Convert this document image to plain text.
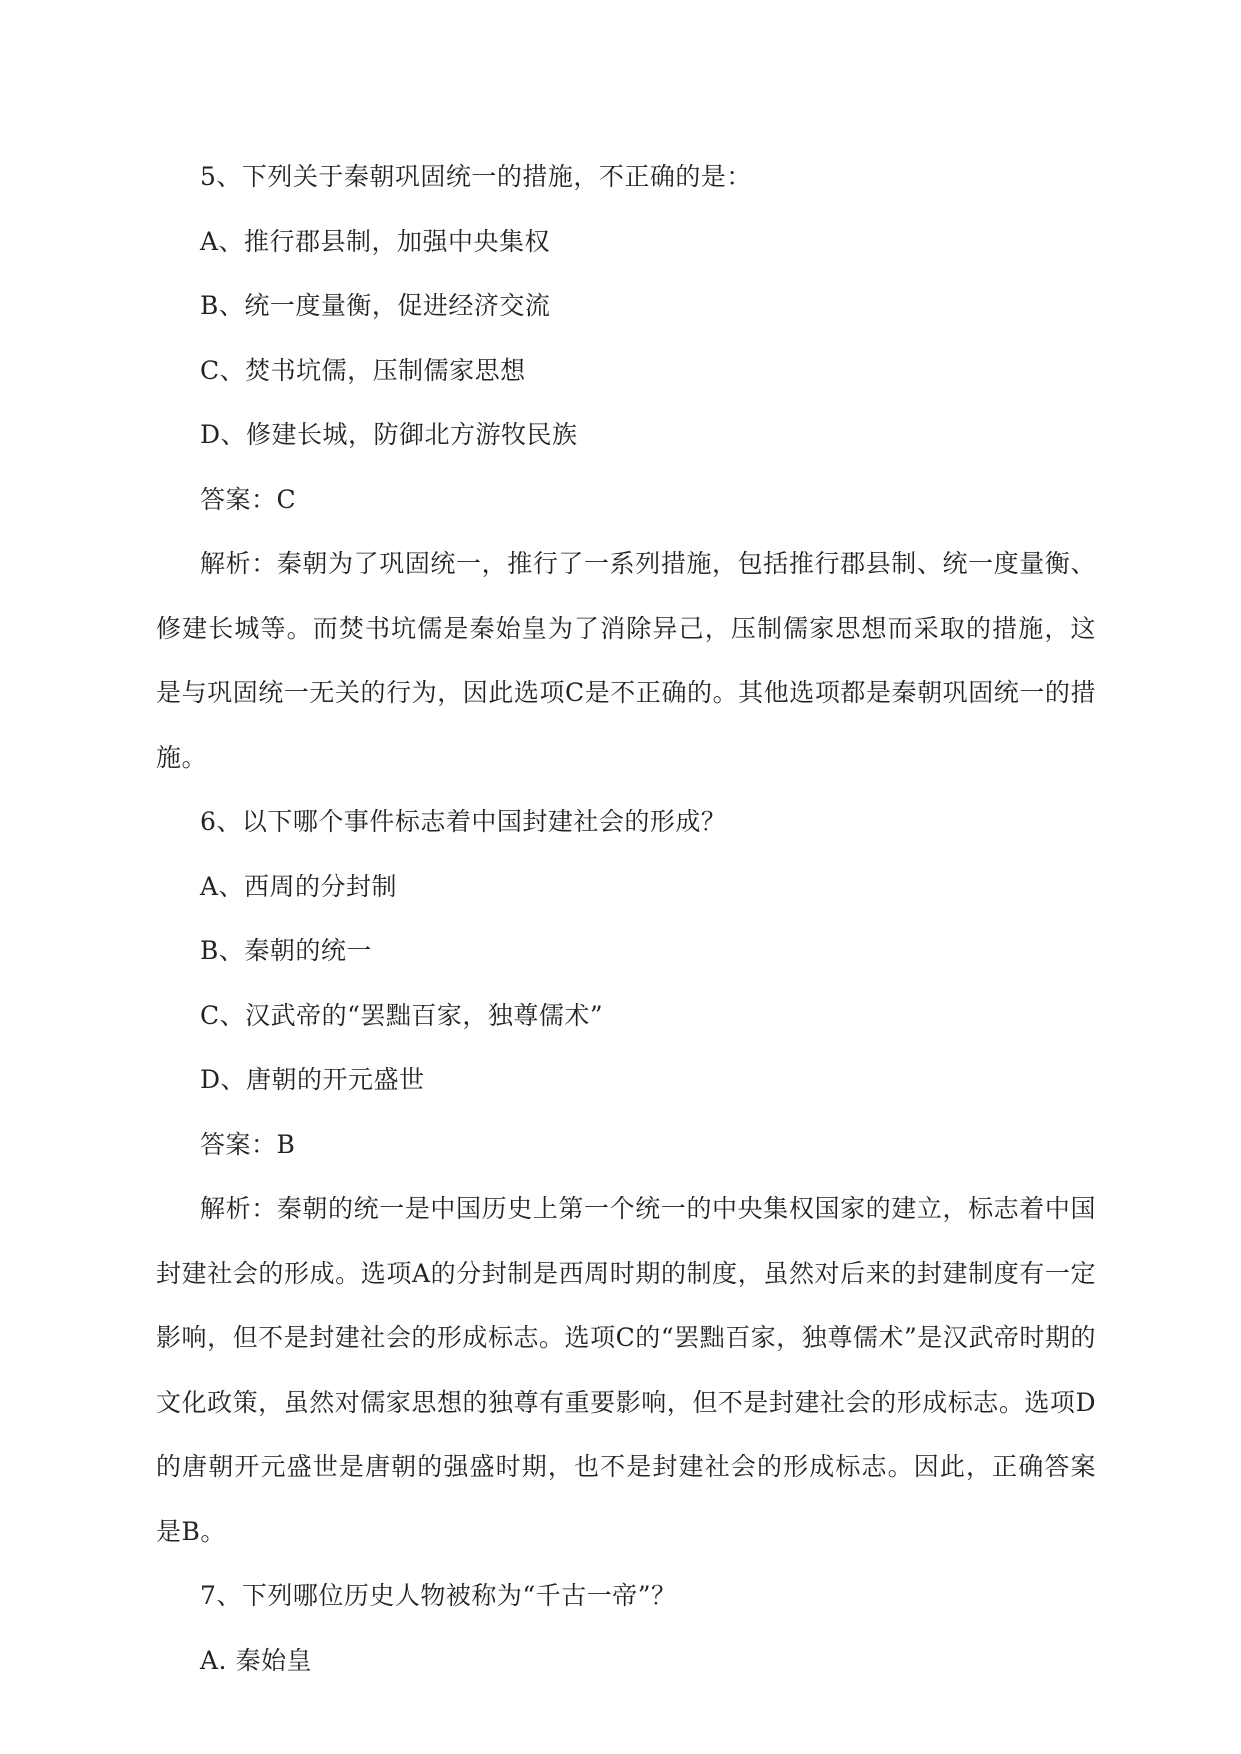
5、下列关于秦朝巩固统一的措施，不正确的是：
A、推行郡县制，加强中央集权
B、统一度量衡，促进经济交流
C、焚书坑儒，压制儒家思想
D、修建长城，防御北方游牧民族
答案：C
解析：秦朝为了巩固统一，推行了一系列措施，包括推行郡县制、统一度量衡、修建长城等。而焚书坑儒是秦始皇为了消除异己，压制儒家思想而采取的措施，这是与巩固统一无关的行为，因此选项C是不正确的。其他选项都是秦朝巩固统一的措施。
6、以下哪个事件标志着中国封建社会的形成？
A、西周的分封制
B、秦朝的统一
C、汉武帝的“罢黜百家，独尊儒术”
D、唐朝的开元盛世
答案：B
解析：秦朝的统一是中国历史上第一个统一的中央集权国家的建立，标志着中国封建社会的形成。选项A的分封制是西周时期的制度，虽然对后来的封建制度有一定影响，但不是封建社会的形成标志。选项C的“罢黜百家，独尊儒术”是汉武帝时期的文化政策，虽然对儒家思想的独尊有重要影响，但不是封建社会的形成标志。选项D的唐朝开元盛世是唐朝的强盛时期，也不是封建社会的形成标志。因此，正确答案是B。
7、下列哪位历史人物被称为“千古一帝”？
A. 秦始皇
